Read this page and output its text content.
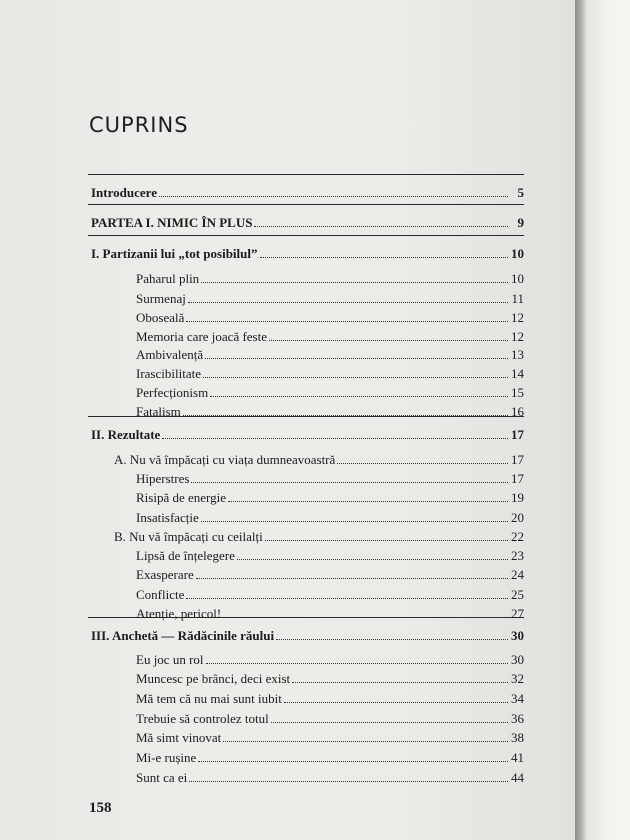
CUPRINS
Introducere	5
PARTEA I. NIMIC ÎN PLUS	9
I. Partizanii lui „tot posibilul”	10
Paharul plin	10
Surmenaj	11
Oboseală	12
Memoria care joacă feste	12
Ambivalență	13
Irascibilitate	14
Perfecționism	15
Fatalism	16
II. Rezultate	17
A. Nu vă împăcați cu viața dumneavoastră	17
Hiperstres	17
Risipă de energie	19
Insatisfacție	20
B. Nu vă împăcați cu ceilalți	22
Lipsă de înțelegere	23
Exasperare	24
Conflicte	25
Atenție, pericol!	27
III. Anchetă — Rădăcinile răului	30
Eu joc un rol	30
Muncesc pe brânci, deci exist	32
Mă tem că nu mai sunt iubit	34
Trebuie să controlez totul	36
Mă simt vinovat	38
Mi-e rușine	41
Sunt ca ei	44
158
